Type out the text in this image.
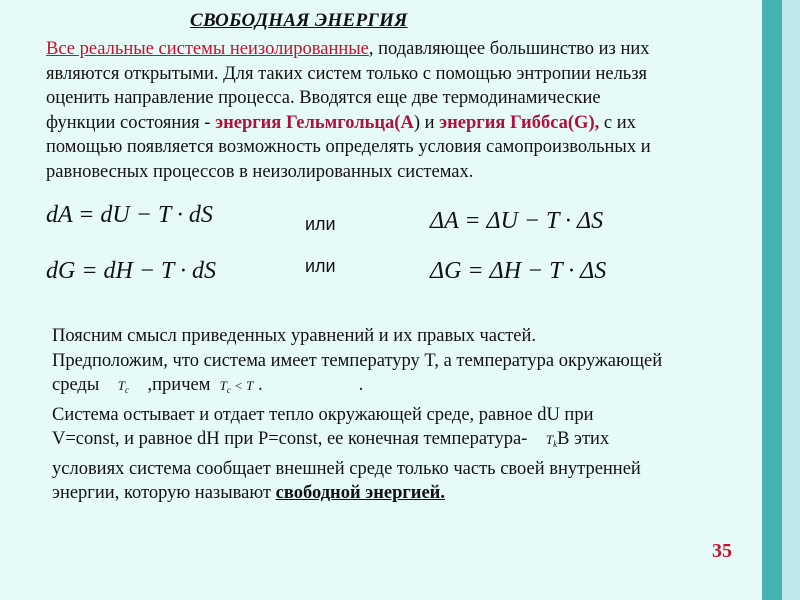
СВОБОДНАЯ ЭНЕРГИЯ
Все реальные системы неизолированные, подавляющее большинство из них
являются открытыми. Для таких систем только с помощью энтропии нельзя
оценить направление процесса. Вводятся еще две термодинамические
функции состояния - энергия Гельмгольца(А) и энергия Гиббса(G), с их
помощью появляется возможность определять условия самопроизвольных и
равновесных процессов в неизолированных системах.
dA = dU − T · dS	или	ΔA = ΔU − T · ΔS
dG = dH − T · dS	или	ΔG = ΔH − T · ΔS
Поясним смысл приведенных уравнений и их правых частей.
Предположим, что система имеет температуру T, а температура окружающей
среды    $T_c$    ,причем  $T_c < T$ .	.
Система остывает и отдает тепло окружающей среде, равное dU при
V=const, и равное dH при P=const, ее конечная температура-    $T_kВ$ этих
условиях система сообщает внешней среде только часть своей внутренней
энергии, которую называют свободной энергией.
35
